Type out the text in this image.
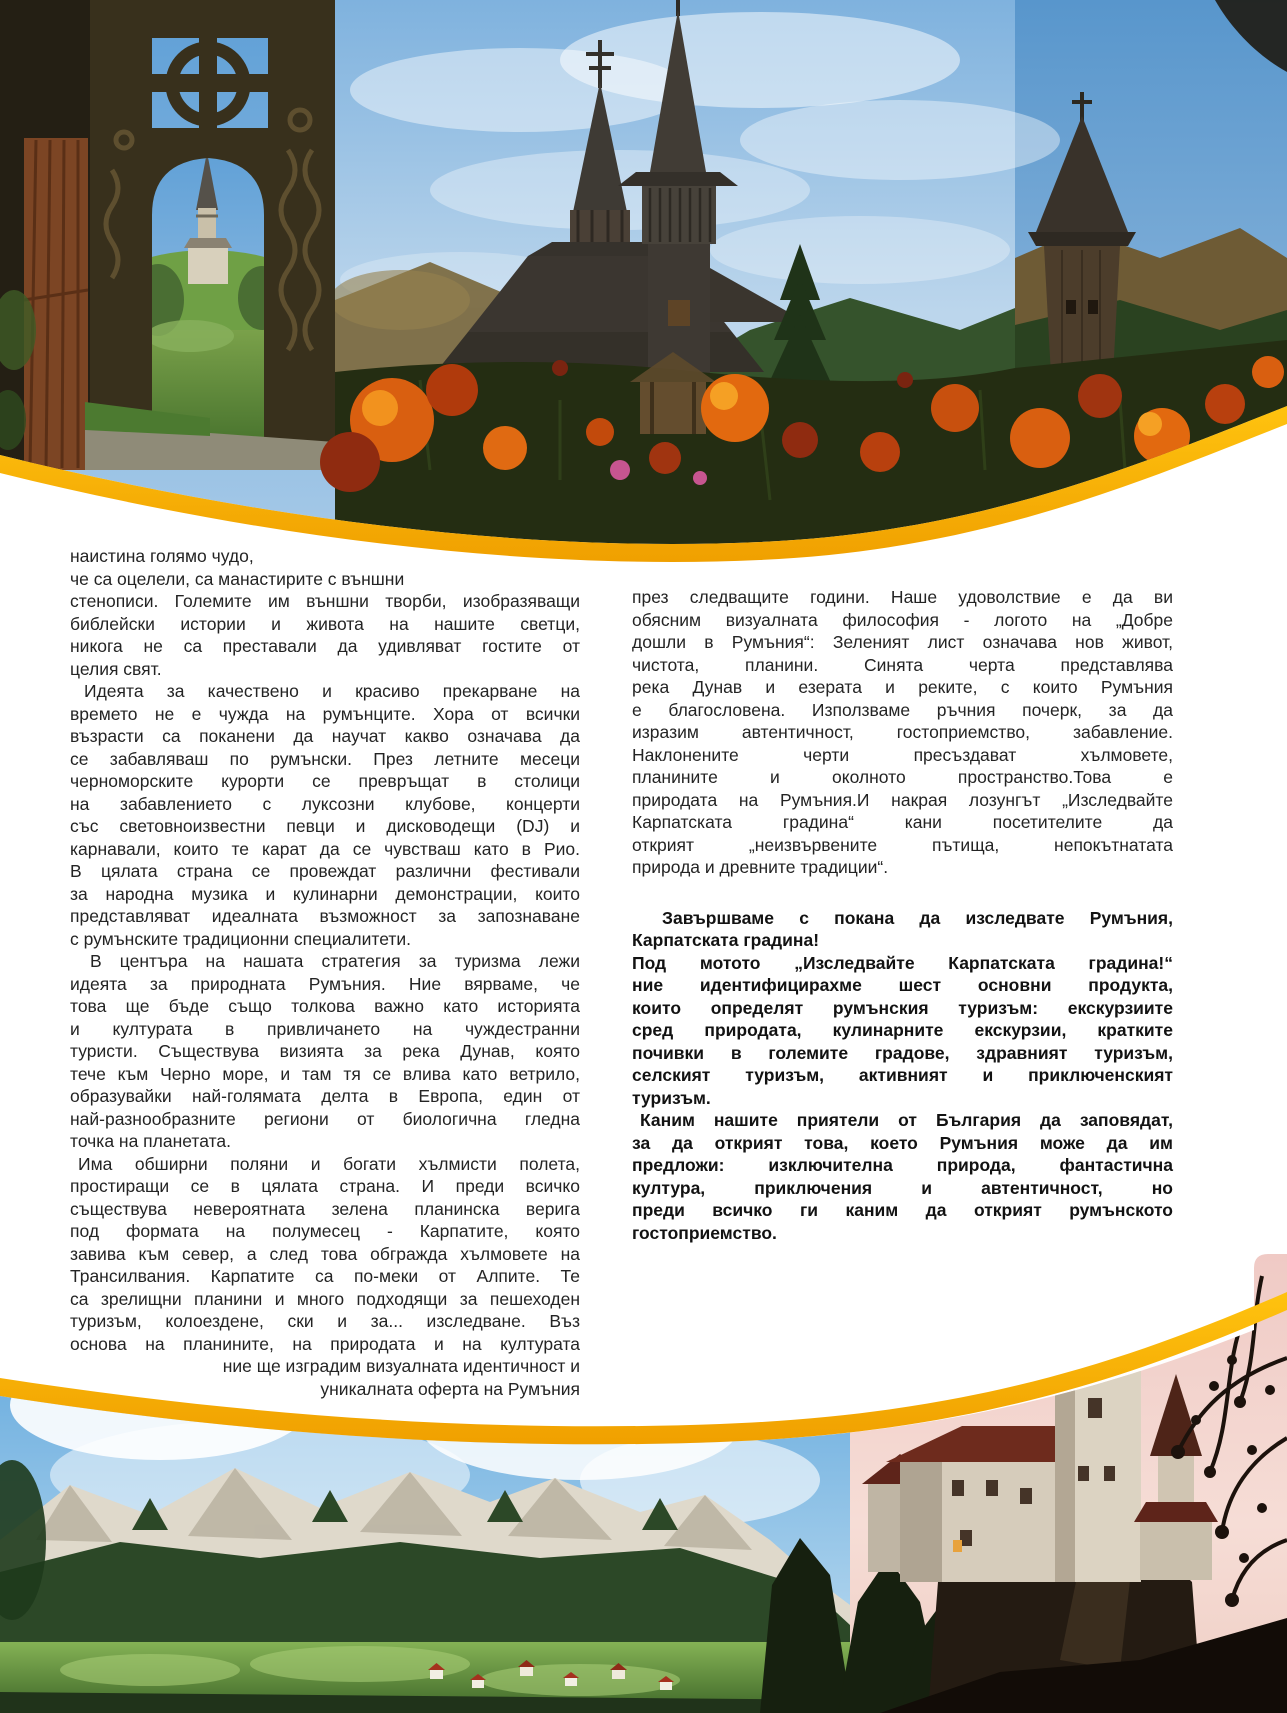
наистина голямо чудо,
че са оцелели, са манастирите с външни
стенописи. Големите им външни творби, изобразяващи
библейски истории и живота на нашите светци,
никога не са преставали да удивляват гостите от
целия свят.
Идеята за качествено и красиво прекарване на
времето не е чужда на румънците. Хора от всички
възрасти са поканени да научат какво означава да
се забавляваш по румънски. През летните месеци
черноморските курорти се превръщат в столици
на забавлението с луксозни клубове, концерти
със световноизвестни певци и дисководещи (DJ) и
карнавали, които те карат да се чувстваш като в Рио.
В цялата страна се провеждат различни фестивали
за народна музика и кулинарни демонстрации, които
представляват идеалната възможност за запознаване
с румънските традиционни специалитети.
В центъра на нашата стратегия за туризма лежи
идеята за природната Румъния. Ние вярваме, че
това ще бъде също толкова важно като историята
и културата в привличането на чуждестранни
туристи. Съществува визията за река Дунав, която
тече към Черно море, и там тя се влива като ветрило,
образувайки най-голямата делта в Европа, един от
най-разнообразните региони от биологична гледна
точка на планетата.
Има обширни поляни и богати хълмисти полета,
простиращи се в цялата страна. И преди всичко
съществува невероятната зелена планинска верига
под формата на полумесец - Карпатите, която
завива към север, а след това обгражда хълмовете на
Трансилвания. Карпатите са по-меки от Алпите. Те
са зрелищни планини и много подходящи за пешеходен
туризъм, колоездене, ски и за... изследване. Въз
основа на планините, на природата и на културата
ние ще изградим визуалната идентичност и
уникалната оферта на Румъния
през следващите години. Наше удоволствие е да ви
обясним визуалната философия - логото на „Добре
дошли в Румъния“: Зеленият лист означава нов живот,
чистота, планини. Синята черта представлява
река Дунав и езерата и реките, с които Румъния
е благословена. Използваме ръчния почерк, за да
изразим автентичност, гостоприемство, забавление.
Наклонените черти пресъздават хълмовете,
планините и околното пространство.Това е
природата на Румъния.И накрая лозунгът „Изследвайте
Карпатската градина“ кани посетителите да
открият „неизвървените пътища, непокътнатата
природа и древните традиции“.
Завършваме с покана да изследвате Румъния,
Карпатската градина!
Под мотото „Изследвайте Карпатската градина!“
ние идентифицирахме шест основни продукта,
които определят румънския туризъм: екскурзиите
сред природата, кулинарните екскурзии, кратките
почивки в големите градове, здравният туризъм,
селският туризъм, активният и приключенският
туризъм.
Каним нашите приятели от България да заповядат,
за да открият това, което Румъния може да им
предложи: изключителна природа, фантастична
култура, приключения и автентичност, но
преди всичко ги каним да открият румънското
гостоприемство.
